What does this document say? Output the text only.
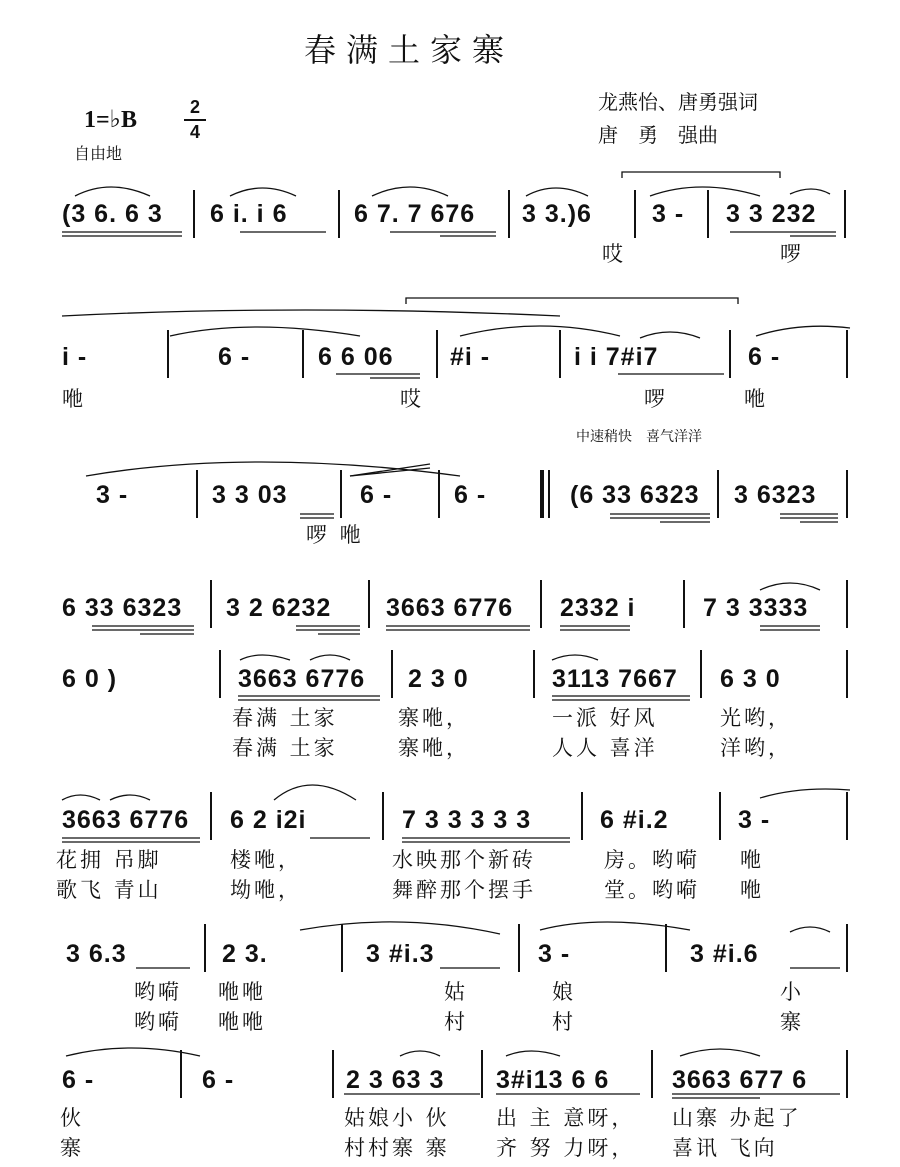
春满土家寨
1=♭B	2
4
自由地
龙燕怡、唐勇强词
唐　勇　强曲
(3 6. 6 3 6 i. i 6	6 7. 7 676 3 3.)6 3 - 3 3 232
哎	啰
i -	6 -	6 6 06 #i -	i i 7#i7	6 -
咃	哎	啰	咃
中速稍快　喜气洋洋
3 -	3 3 03	6 - 6 -	(6 33 6323 3 6323
啰 咃
6 33 6323 3 2 6232 3663 6776 2332 i	7 3 3333
6 0 )	3663 6776 2 3 0	3113 7667 6 3 0
春满 土家	寨咃，	一派 好风	光哟，
春满 土家	寨咃，	人人 喜洋	洋哟，
3663 6776 6 2 i2i	7 3 3 3 3 3	6 #i.2	3 -
花拥 吊脚	楼咃，	水映那个新砖	房。哟嗬 咃
歌飞 青山	坳咃，	舞醉那个摆手	堂。哟嗬 咃
3 6.3	2 3.	3 #i.3	3 -	3 #i.6
哟嗬 咃咃	姑	娘	小
哟嗬 咃咃	村	村	寨
6 -	6 -	2 3 63 3 3#i13 6 6	3663 677 6
伙	姑娘小 伙 出 主 意呀， 山寨 办起了
寨	村村寨 寨 齐 努 力呀， 喜讯 飞向
